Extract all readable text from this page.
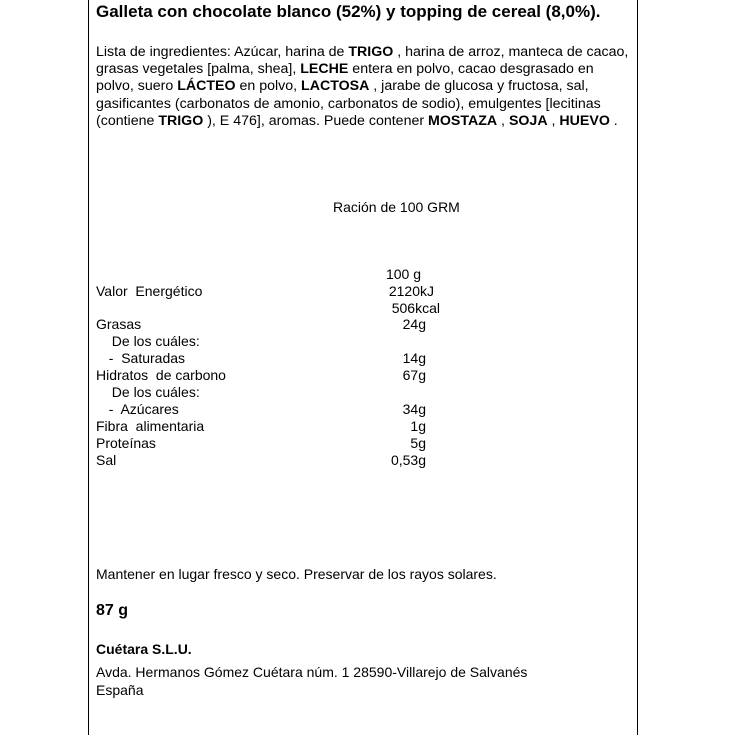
Galleta con chocolate blanco (52%) y topping de cereal (8,0%).
Lista de ingredientes: Azúcar, harina de TRIGO , harina de arroz, manteca de cacao, grasas vegetales [palma, shea], LECHE entera en polvo, cacao desgrasado en polvo, suero LÁCTEO en polvo, LACTOSA , jarabe de glucosa y fructosa, sal, gasificantes (carbonatos de amonio, carbonatos de sodio), emulgentes [lecitinas (contiene TRIGO ), E 476], aromas. Puede contener MOSTAZA , SOJA , HUEVO .
Ración de 100 GRM
100 g
Valor  Energético	2120kJ
506kcal
Grasas	24g
De los cuáles:
-  Saturadas	14g
Hidratos  de carbono	67g
De los cuáles:
-  Azúcares	34g
Fibra  alimentaria	1g
Proteínas	5g
Sal	0,53g
Mantener en lugar fresco y seco. Preservar de los rayos solares.
87 g
Cuétara S.L.U.
Avda. Hermanos Gómez Cuétara núm. 1 28590-Villarejo de Salvanés
España
